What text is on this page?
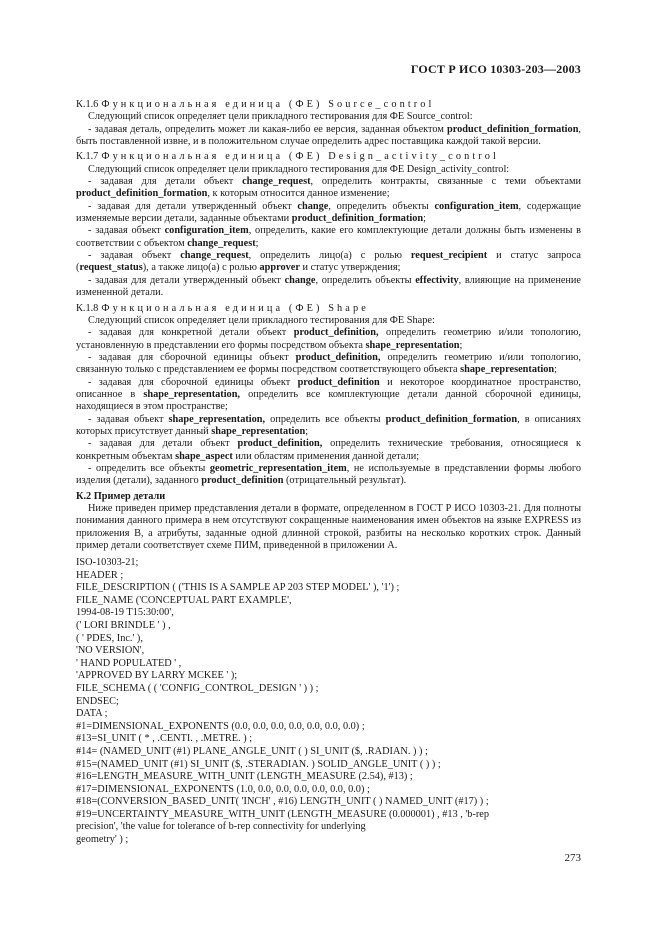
ГОСТ Р ИСО 10303-203—2003

К.1.6 Функциональная единица (ФЕ) Source_control

Следующий список определяет цели прикладного тестирования для ФЕ Source_control:

- задавая деталь, определить может ли какая-либо ее версия, заданная объектом product_definition_formation, быть поставленной извне, и в положительном случае определить адрес поставщика каждой такой версии.

К.1.7 Функциональная единица (ФЕ) Design_activity_control

Следующий список определяет цели прикладного тестирования для ФЕ Design_activity_control:

- задавая для детали объект change_request, определить контракты, связанные с теми объектами product_definition_formation, к которым относится данное изменение;

- задавая для детали утвержденный объект change, определить объекты configuration_item, содержащие изменяемые версии детали, заданные объектами product_definition_formation;

- задавая объект configuration_item, определить, какие его комплектующие детали должны быть изменены в соответствии с объектом change_request;

- задавая объект change_request, определить лицо(а) с ролью request_recipient и статус запроса (request_status), а также лицо(а) с ролью approver и статус утверждения;

- задавая для детали утвержденный объект change, определить объекты effectivity, влияющие на применение измененной детали.

К.1.8 Функциональная единица (ФЕ) Shape

Следующий список определяет цели прикладного тестирования для ФЕ Shape:

- задавая для конкретной детали объект product_definition, определить геометрию и/или топологию, установленную в представлении его формы посредством объекта shape_representation;

- задавая для сборочной единицы объект product_definition, определить геометрию и/или топологию, связанную только с представлением ее формы посредством соответствующего объекта shape_representation;

- задавая для сборочной единицы объект product_definition и некоторое координатное пространство, описанное в shape_representation, определить все комплектующие детали данной сборочной единицы, находящиеся в этом пространстве;

- задавая объект shape_representation, определить все объекты product_definition_formation, в описаниях которых присутствует данный shape_representation;

- задавая для детали объект product_definition, определить технические требования, относящиеся к конкретным объектам shape_aspect или областям применения данной детали;

- определить все объекты geometric_representation_item, не используемые в представлении формы любого изделия (детали), заданного product_definition (отрицательный результат).

К.2 Пример детали

Ниже приведен пример представления детали в формате, определенном в ГОСТ Р ИСО 10303-21. Для полноты понимания данного примера в нем отсутствуют сокращенные наименования имен объектов на языке EXPRESS из приложения В, а атрибуты, заданные одной длинной строкой, разбиты на несколько коротких строк. Данный пример детали соответствует схеме ПИМ, приведенной в приложении А.

ISO-10303-21;
HEADER ;
FILE_DESCRIPTION ( ('THIS IS A SAMPLE AP 203 STEP MODEL' ), '1') ;
FILE_NAME ('CONCEPTUAL PART EXAMPLE',
1994-08-19 T15:30:00',
(' LORI BRINDLE ' ) ,
( ' PDES, Inc.' ),
'NO VERSION',
' HAND POPULATED ' ,
'APPROVED BY LARRY MCKEE ' );
FILE_SCHEMA ( ( 'CONFIG_CONTROL_DESIGN ' ) ) ;
ENDSEC;
DATA ;
#1=DIMENSIONAL_EXPONENTS (0.0, 0.0, 0.0, 0.0, 0.0, 0.0, 0.0) ;
#13=SI_UNIT ( * , .CENTI. , .METRE. ) ;
#14= (NAMED_UNIT (#1) PLANE_ANGLE_UNIT ( ) SI_UNIT ($, .RADIAN. ) ) ;
#15=(NAMED_UNIT (#1) SI_UNIT ($, .STERADIAN. ) SOLID_ANGLE_UNIT ( ) ) ;
#16=LENGTH_MEASURE_WITH_UNIT (LENGTH_MEASURE (2.54), #13) ;
#17=DIMENSIONAL_EXPONENTS (1.0, 0.0, 0.0, 0.0, 0.0, 0.0, 0.0) ;
#18=(CONVERSION_BASED_UNIT( 'INCH' , #16) LENGTH_UNIT ( ) NAMED_UNIT (#17) ) ;
#19=UNCERTAINTY_MEASURE_WITH_UNIT (LENGTH_MEASURE (0.000001) , #13 , 'b-rep
precision', 'the value for tolerance of b-rep connectivity for underlying
geometry' ) ;
273
